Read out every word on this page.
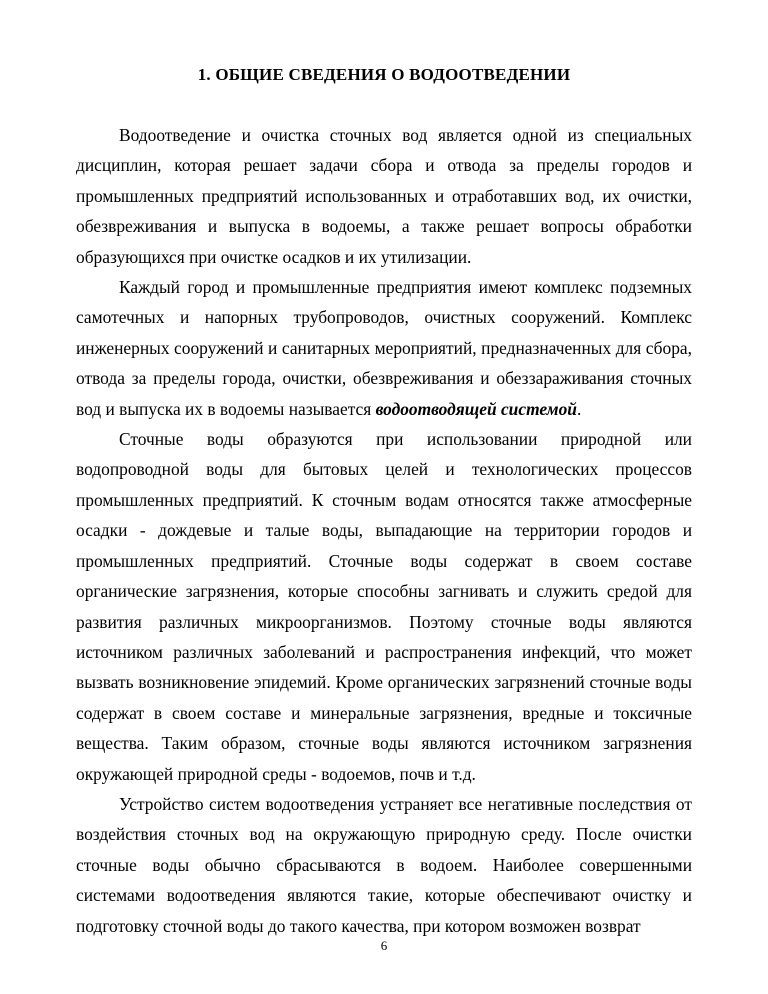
1. ОБЩИЕ СВЕДЕНИЯ О ВОДООТВЕДЕНИИ

Водоотведение и очистка сточных вод является одной из специальных дисциплин, которая решает задачи сбора и отвода за пределы городов и промышленных предприятий использованных и отработавших вод, их очистки, обезвреживания и выпуска в водоемы, а также решает вопросы обработки образующихся при очистке осадков и их утилизации.

Каждый город и промышленные предприятия имеют комплекс подземных самотечных и напорных трубопроводов, очистных сооружений. Комплекс инженерных сооружений и санитарных мероприятий, предназначенных для сбора, отвода за пределы города, очистки, обезвреживания и обеззараживания сточных вод и выпуска их в водоемы называется водоотводящей системой.

Сточные воды образуются при использовании природной или водопроводной воды для бытовых целей и технологических процессов промышленных предприятий. К сточным водам относятся также атмосферные осадки - дождевые и талые воды, выпадающие на территории городов и промышленных предприятий. Сточные воды содержат в своем составе органические загрязнения, которые способны загнивать и служить средой для развития различных микроорганизмов. Поэтому сточные воды являются источником различных заболеваний и распространения инфекций, что может вызвать возникновение эпидемий. Кроме органических загрязнений сточные воды содержат в своем составе и минеральные загрязнения, вредные и токсичные вещества. Таким образом, сточные воды являются источником загрязнения окружающей природной среды - водоемов, почв и т.д.

Устройство систем водоотведения устраняет все негативные последствия от воздействия сточных вод на окружающую природную среду. После очистки сточные воды обычно сбрасываются в водоем. Наиболее совершенными системами водоотведения являются такие, которые обеспечивают очистку и подготовку сточной воды до такого качества, при котором возможен возврат

6
